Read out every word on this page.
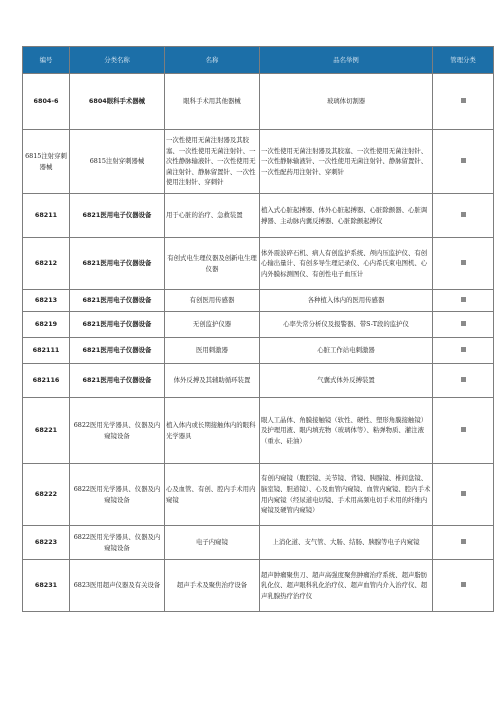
编号	分类名称	名称	品名举例	管理分类
6804-6	6804眼科手术器械	眼科手术用其他器械	玻璃体切割器	
6815注射穿刺器械	6815注射穿刺器械	一次性使用无菌注射器及其胶塞、一次性使用无菌注射针、一次性静脉输液针、一次性使用无菌注射针、静脉留置针、一次性使用注射针、穿刺针	一次性使用无菌注射器及其胶塞、一次性使用无菌注射针、一次性静脉输液针、一次性使用无菌注射针、静脉留置针、一次性配药用注射针、穿刺针	
68211	6821医用电子仪器设备	用于心脏的治疗、急救装置	植入式心脏起搏器、体外心脏起搏器、心脏除颤器、心脏调搏器、主动脉内囊反搏器、心脏除颤起搏仪	
68212	6821医用电子仪器设备	有创式电生理仪器及创新电生理仪器	体外震波碎石机、病人有创监护系统、颅内压监护仪、有创心输出量计、有创多导生理记录仪、心内希氏束电图机、心内外膜标测图仪、有创性电子血压计	
68213	6821医用电子仪器设备	有创医用传感器	各种植入体内的医用传感器	
68219	6821医用电子仪器设备	无创监护仪器	心率失常分析仪及报警器、带S-T段的监护仪	
682111	6821医用电子仪器设备	医用刺激器	心脏工作站电刺激器	
682116	6821医用电子仪器设备	体外反搏及其辅助循环装置	气囊式体外反搏装置	
68221	6822医用光学器具、仪器及内窥镜设备	植入体内或长期接触体内的眼科光学器具	眼人工晶体、角膜接触镜（软性、硬性、塑形角膜接触镜）及护理用液、眼内填充物（玻璃体等）、粘弹物质、灌注液（重水、硅油）	
68222	6822医用光学器具、仪器及内窥镜设备	心及血管、有创、腔内手术用内窥镜	有创内窥镜（腹腔镜、关节镜、背镜、胰腺镜、椎间盘镜、脑室镜、胆道镜）、心及血管内窥镜、血管内窥镜、腔内手术用内窥镜（经尿道电切镜、手术用高频电切手术用的纤维内窥镜及硬管内窥镜）	
68223	6822医用光学器具、仪器及内窥镜设备	电子内窥镜	上消化道、支气管、大肠、结肠、胰腺等电子内窥镜	
68231	6823医用超声仪器及有关设备	超声手术及聚焦治疗设备	超声肿瘤聚焦刀、超声高强度聚焦肿瘤治疗系统、超声脂肪乳化仪、超声眼科乳化治疗仪、超声血管内介入治疗仪、超声乳腺热疗治疗仪	
